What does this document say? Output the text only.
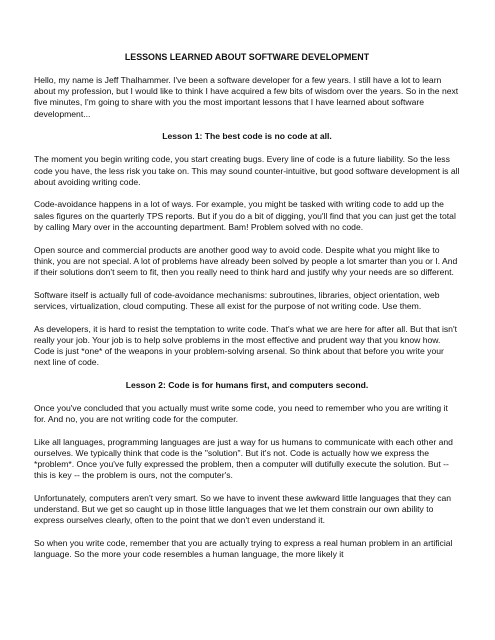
LESSONS LEARNED ABOUT SOFTWARE DEVELOPMENT

Hello, my name is Jeff Thalhammer. I've been a software developer for a few years. I still have a lot to learn about my profession, but I would like to think I have acquired a few bits of wisdom over the years. So in the next five minutes, I'm going to share with you the most important lessons that I have learned about software development...

Lesson 1: The best code is no code at all.

The moment you begin writing code, you start creating bugs. Every line of code is a future liability. So the less code you have, the less risk you take on. This may sound counter-intuitive, but good software development is all about avoiding writing code.

Code-avoidance happens in a lot of ways. For example, you might be tasked with writing code to add up the sales figures on the quarterly TPS reports. But if you do a bit of digging, you'll find that you can just get the total by calling Mary over in the accounting department. Bam! Problem solved with no code.

Open source and commercial products are another good way to avoid code. Despite what you might like to think, you are not special. A lot of problems have already been solved by people a lot smarter than you or I. And if their solutions don't seem to fit, then you really need to think hard and justify why your needs are so different.

Software itself is actually full of code-avoidance mechanisms: subroutines, libraries, object orientation, web services, virtualization, cloud computing. These all exist for the purpose of not writing code. Use them.

As developers, it is hard to resist the temptation to write code. That's what we are here for after all. But that isn't really your job. Your job is to help solve problems in the most effective and prudent way that you know how. Code is just *one* of the weapons in your problem-solving arsenal. So think about that before you write your next line of code.

Lesson 2: Code is for humans first, and computers second.

Once you've concluded that you actually must write some code, you need to remember who you are writing it for. And no, you are not writing code for the computer.

Like all languages, programming languages are just a way for us humans to communicate with each other and ourselves. We typically think that code is the "solution". But it's not. Code is actually how we express the *problem*. Once you've fully expressed the problem, then a computer will dutifully execute the solution. But -- this is key -- the problem is ours, not the computer's.

Unfortunately, computers aren't very smart. So we have to invent these awkward little languages that they can understand. But we get so caught up in those little languages that we let them constrain our own ability to express ourselves clearly, often to the point that we don't even understand it.

So when you write code, remember that you are actually trying to express a real human problem in an artificial language. So the more your code resembles a human language, the more likely it
